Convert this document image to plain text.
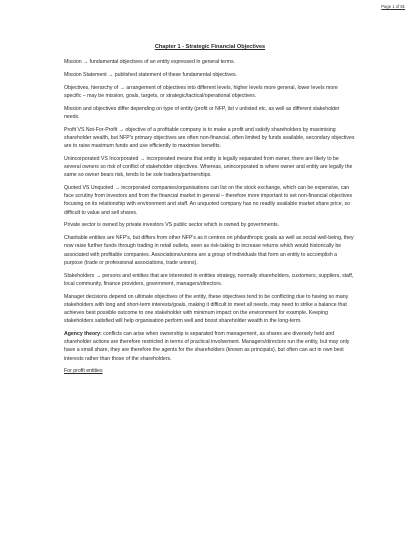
Page 1 of 81
Chapter 1 - Strategic Financial Objectives

Mission → fundamental objectives of an entity expressed in general terms.

Mission Statement → published statement of these fundamental objectives.

Objectives, hierarchy of → arrangement of objectives into different levels, higher levels more general, lower levels more specific – may be mission, goals, targets, or strategic/tactical/operational objectives.

Mission and objectives differ depending on type of entity (profit or NFP, list v unlisted etc, as well as different stakeholder needs.

Profit VS Not-For-Profit → objective of a profitable company is to make a profit and satisfy shareholders by maximising shareholder wealth, but NFP's primary objectives are often non-financial, often limited by funds available, secondary objectives are to raise maximum funds and use efficiently to maximise benefits.

Unincorporated VS Incorporated → incorporated means that entity is legally separated from owner, there are likely to be several owners so risk of conflict of stakeholder objectives. Whereas, unincorporated is where owner and entity are legally the same so owner bears risk, tends to be sole traders/partnerships.

Quoted VS Unquoted → incorporated companies/organisations can list on the stock exchange, which can be expensive, can face scrutiny from investors and from the financial market in general – therefore more important to set non-financial objectives focusing on its relationship with environment and staff. An unquoted company has no readily available market share price, so difficult to value and sell shares.

Private sector is owned by private investors VS public sector which is owned by governments.

Charitable entities are NFP's, but differs from other NFP's as it centres on philanthropic goals as well as social well-being, they now raise further funds through trading in retail outlets, seen as risk-taking to increase returns which would historically be associated with profitable companies. Associations/unions are a group of individuals that form an entity to accomplish a purpose (trade or professional associations, trade unions).

Stakeholders → persons and entities that are interested in entities strategy, normally shareholders, customers, suppliers, staff, local community, finance providers, government, managers/directors.

Manager decisions depend on ultimate objectives of the entity, these objectives tend to be conflicting due to having so many stakeholders with long and short-term interests/goals, making it difficult to meet all needs, may need to strike a balance that achieves best possible outcome to one stakeholder with minimum impact on the environment for example. Keeping stakeholders satisfied will help organisation perform well and boost shareholder wealth in the long-term.

Agency theory: conflicts can arise when ownership is separated from management, as shares are diversely held and shareholder actions are therefore restricted in terms of practical involvement. Managers/directors run the entity, but may only have a small share, they are therefore the agents for the shareholders (known as principals), but often can act in own best interests rather than those of the shareholders.

For profit entities
